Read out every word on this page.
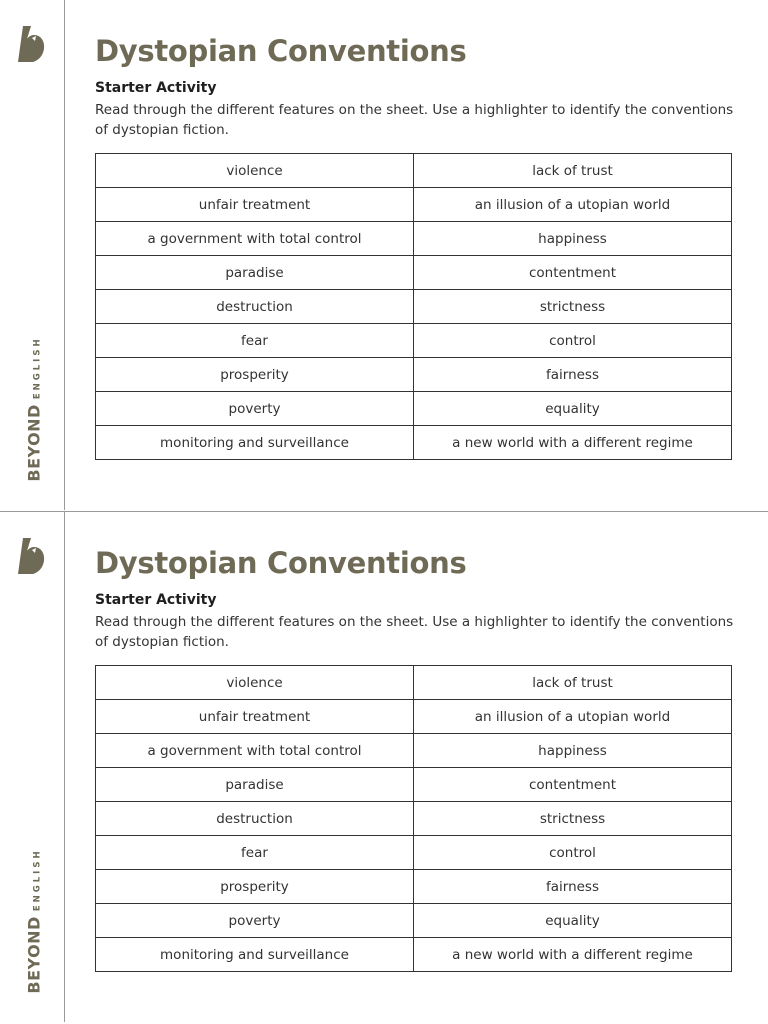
BEYOND
ENGLISH
Dystopian Conventions
Starter Activity

Read through the different features on the sheet. Use a highlighter to identify the conventions of dystopian fiction.

violence	lack of trust
unfair treatment	an illusion of a utopian world
a government with total control	happiness
paradise	contentment
destruction	strictness
fear	control
prosperity	fairness
poverty	equality
monitoring and surveillance	a new world with a different regime
BEYOND
ENGLISH
Dystopian Conventions
Starter Activity

Read through the different features on the sheet. Use a highlighter to identify the conventions of dystopian fiction.

violence	lack of trust
unfair treatment	an illusion of a utopian world
a government with total control	happiness
paradise	contentment
destruction	strictness
fear	control
prosperity	fairness
poverty	equality
monitoring and surveillance	a new world with a different regime
